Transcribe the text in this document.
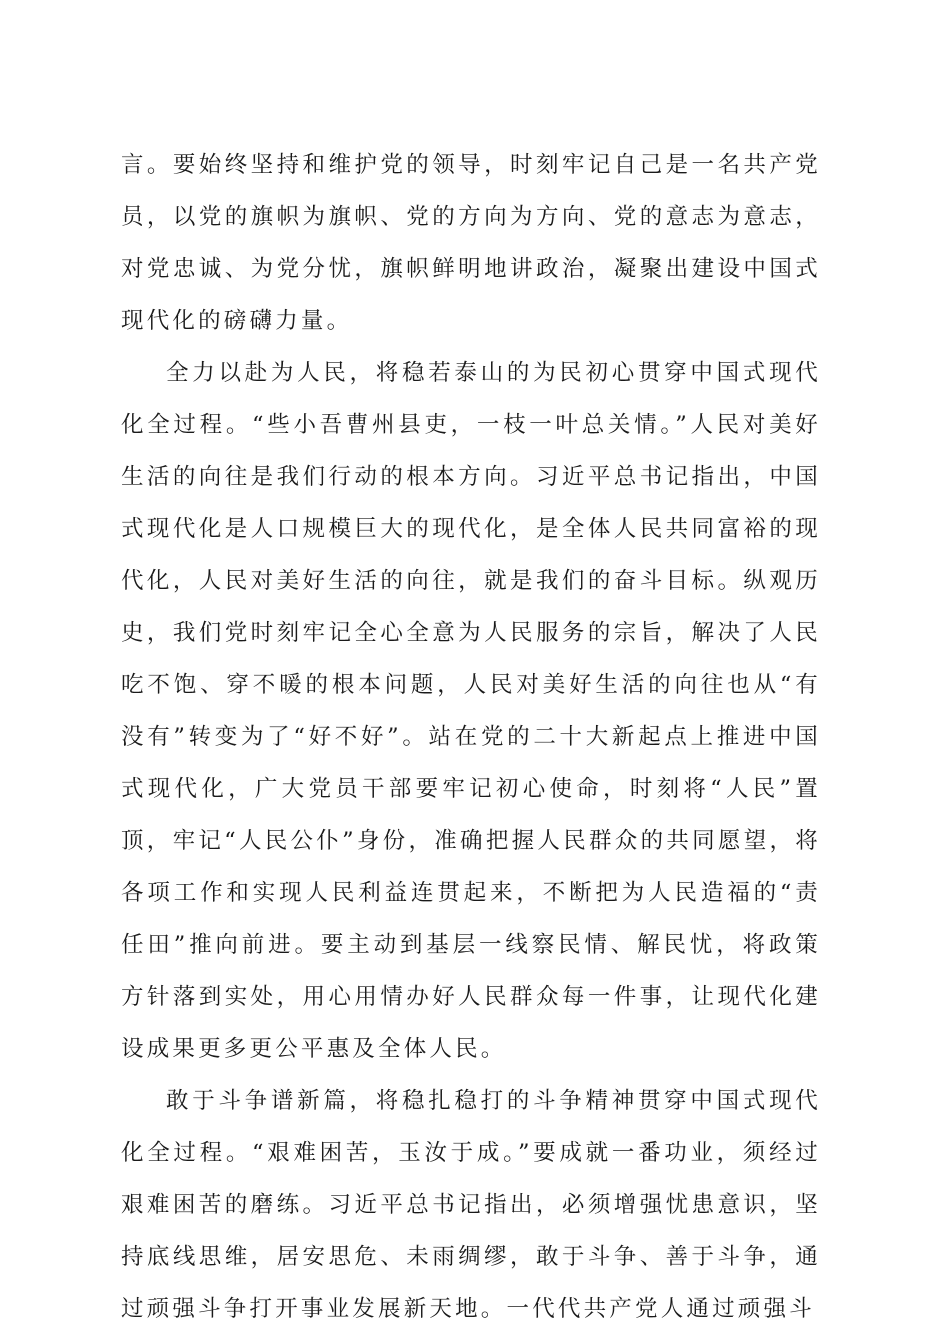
言。要始终坚持和维护党的领导，时刻牢记自己是一名共产党员，以党的旗帜为旗帜、党的方向为方向、党的意志为意志，对党忠诚、为党分忧，旗帜鲜明地讲政治，凝聚出建设中国式现代化的磅礴力量。

全力以赴为人民，将稳若泰山的为民初心贯穿中国式现代化全过程。“些小吾曹州县吏，一枝一叶总关情。”人民对美好生活的向往是我们行动的根本方向。习近平总书记指出，中国式现代化是人口规模巨大的现代化，是全体人民共同富裕的现代化，人民对美好生活的向往，就是我们的奋斗目标。纵观历史，我们党时刻牢记全心全意为人民服务的宗旨，解决了人民吃不饱、穿不暖的根本问题，人民对美好生活的向往也从“有没有”转变为了“好不好”。站在党的二十大新起点上推进中国式现代化，广大党员干部要牢记初心使命，时刻将“人民”置顶，牢记“人民公仆”身份，准确把握人民群众的共同愿望，将各项工作和实现人民利益连贯起来，不断把为人民造福的“责任田”推向前进。要主动到基层一线察民情、解民忧，将政策方针落到实处，用心用情办好人民群众每一件事，让现代化建设成果更多更公平惠及全体人民。

敢于斗争谱新篇，将稳扎稳打的斗争精神贯穿中国式现代化全过程。“艰难困苦，玉汝于成。”要成就一番功业，须经过艰难困苦的磨练。习近平总书记指出，必须增强忧患意识，坚持底线思维，居安思危、未雨绸缪，敢于斗争、善于斗争，通过顽强斗争打开事业发展新天地。一代代共产党人通过顽强斗
